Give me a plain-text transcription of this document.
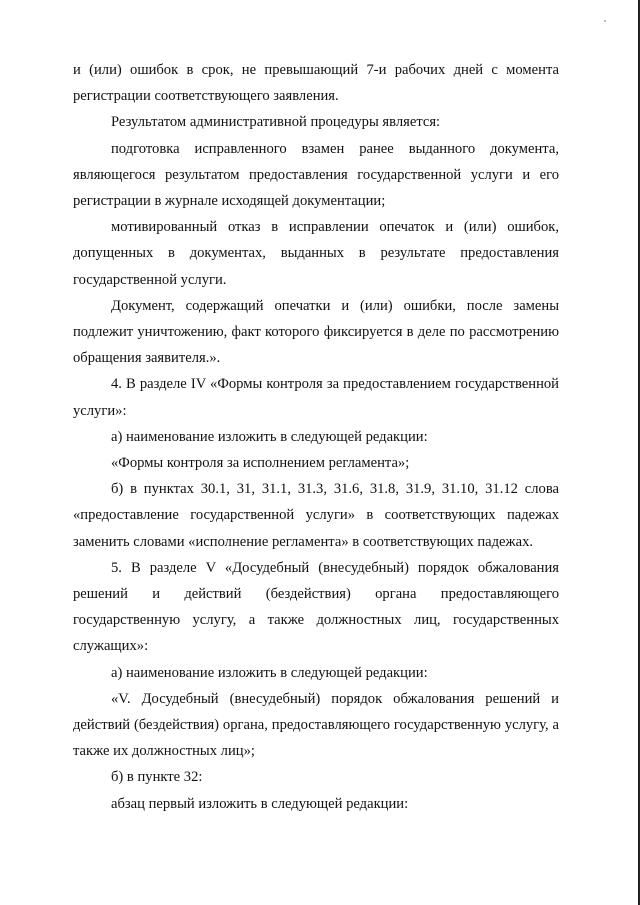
и (или) ошибок в срок, не превышающий 7-и рабочих дней с момента регистрации соответствующего заявления.

Результатом административной процедуры является:

подготовка исправленного взамен ранее выданного документа, являющегося результатом предоставления государственной услуги и его регистрации в журнале исходящей документации;

мотивированный отказ в исправлении опечаток и (или) ошибок, допущенных в документах, выданных в результате предоставления государственной услуги.

Документ, содержащий опечатки и (или) ошибки, после замены подлежит уничтожению, факт которого фиксируется в деле по рассмотрению обращения заявителя.».

4. В разделе IV «Формы контроля за предоставлением государственной услуги»:

а) наименование изложить в следующей редакции:

«Формы контроля за исполнением регламента»;

б) в пунктах 30.1, 31, 31.1, 31.3, 31.6, 31.8, 31.9, 31.10, 31.12 слова «предоставление государственной услуги» в соответствующих падежах заменить словами «исполнение регламента» в соответствующих падежах.

5. В разделе V «Досудебный (внесудебный) порядок обжалования решений и действий (бездействия) органа предоставляющего государственную услугу, а также должностных лиц, государственных служащих»:

а) наименование изложить в следующей редакции:

«V. Досудебный (внесудебный) порядок обжалования решений и действий (бездействия) органа, предоставляющего государственную услугу, а также их должностных лиц»;

б) в пункте 32:

абзац первый изложить в следующей редакции:
